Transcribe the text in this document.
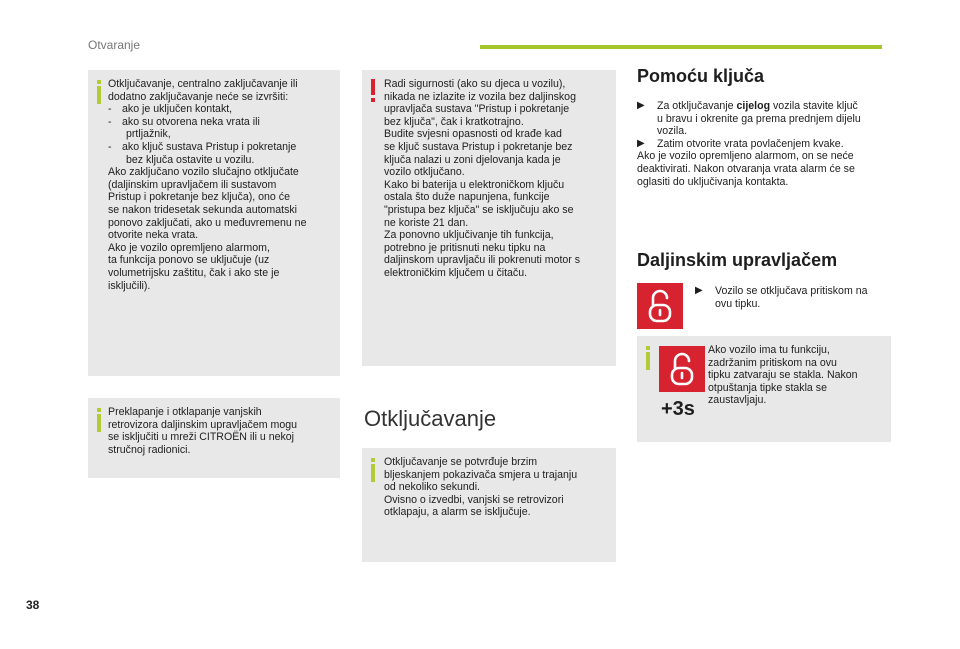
Otvaranje

Otključavanje, centralno zaključavanje ili

dodatno zaključavanje neće se izvršiti:

- ako je uključen kontakt,

- ako su otvorena neka vrata ili

prtljažnik,

- ako ključ sustava Pristup i pokretanje

bez ključa ostavite u vozilu.

Ako zaključano vozilo slučajno otključate

(daljinskim upravljačem ili sustavom

Pristup i pokretanje bez ključa), ono će

se nakon tridesetak sekunda automatski

ponovo zaključati, ako u međuvremenu ne

otvorite neka vrata.

Ako je vozilo opremljeno alarmom,

ta funkcija ponovo se uključuje (uz

volumetrijsku zaštitu, čak i ako ste je

isključili).

Preklapanje i otklapanje vanjskih

retrovizora daljinskim upravljačem mogu

se isključiti u mreži CITROËN ili u nekoj

stručnoj radionici.

Radi sigurnosti (ako su djeca u vozilu),

nikada ne izlazite iz vozila bez daljinskog

upravljača sustava "Pristup i pokretanje

bez ključa", čak i kratkotrajno.

Budite svjesni opasnosti od krađe kad

se ključ sustava Pristup i pokretanje bez

ključa nalazi u zoni djelovanja kada je

vozilo otključano.

Kako bi baterija u elektroničkom ključu

ostala što duže napunjena, funkcije

"pristupa bez ključa" se isključuju ako se

ne koriste 21 dan.

Za ponovno uključivanje tih funkcija,

potrebno je pritisnuti neku tipku na

daljinskom upravljaču ili pokrenuti motor s

elektroničkim ključem u čitaču.

Otključavanje

Otključavanje se potvrđuje brzim

bljeskanjem pokazivača smjera u trajanju

od nekoliko sekundi.

Ovisno o izvedbi, vanjski se retrovizori

otklapaju, a alarm se isključuje.

Pomoću ključa

▶ Za otključavanje cijelog vozila stavite ključ

u bravu i okrenite ga prema prednjem dijelu

vozila.

▶ Zatim otvorite vrata povlačenjem kvake.

Ako je vozilo opremljeno alarmom, on se neće

deaktivirati. Nakon otvaranja vrata alarm će se

oglasiti do uključivanja kontakta.

Daljinskim upravljačem

▶ Vozilo se otključava pritiskom na

ovu tipku.

+3s

Ako vozilo ima tu funkciju,

zadržanim pritiskom na ovu

tipku zatvaraju se stakla. Nakon

otpuštanja tipke stakla se

zaustavljaju.

38
